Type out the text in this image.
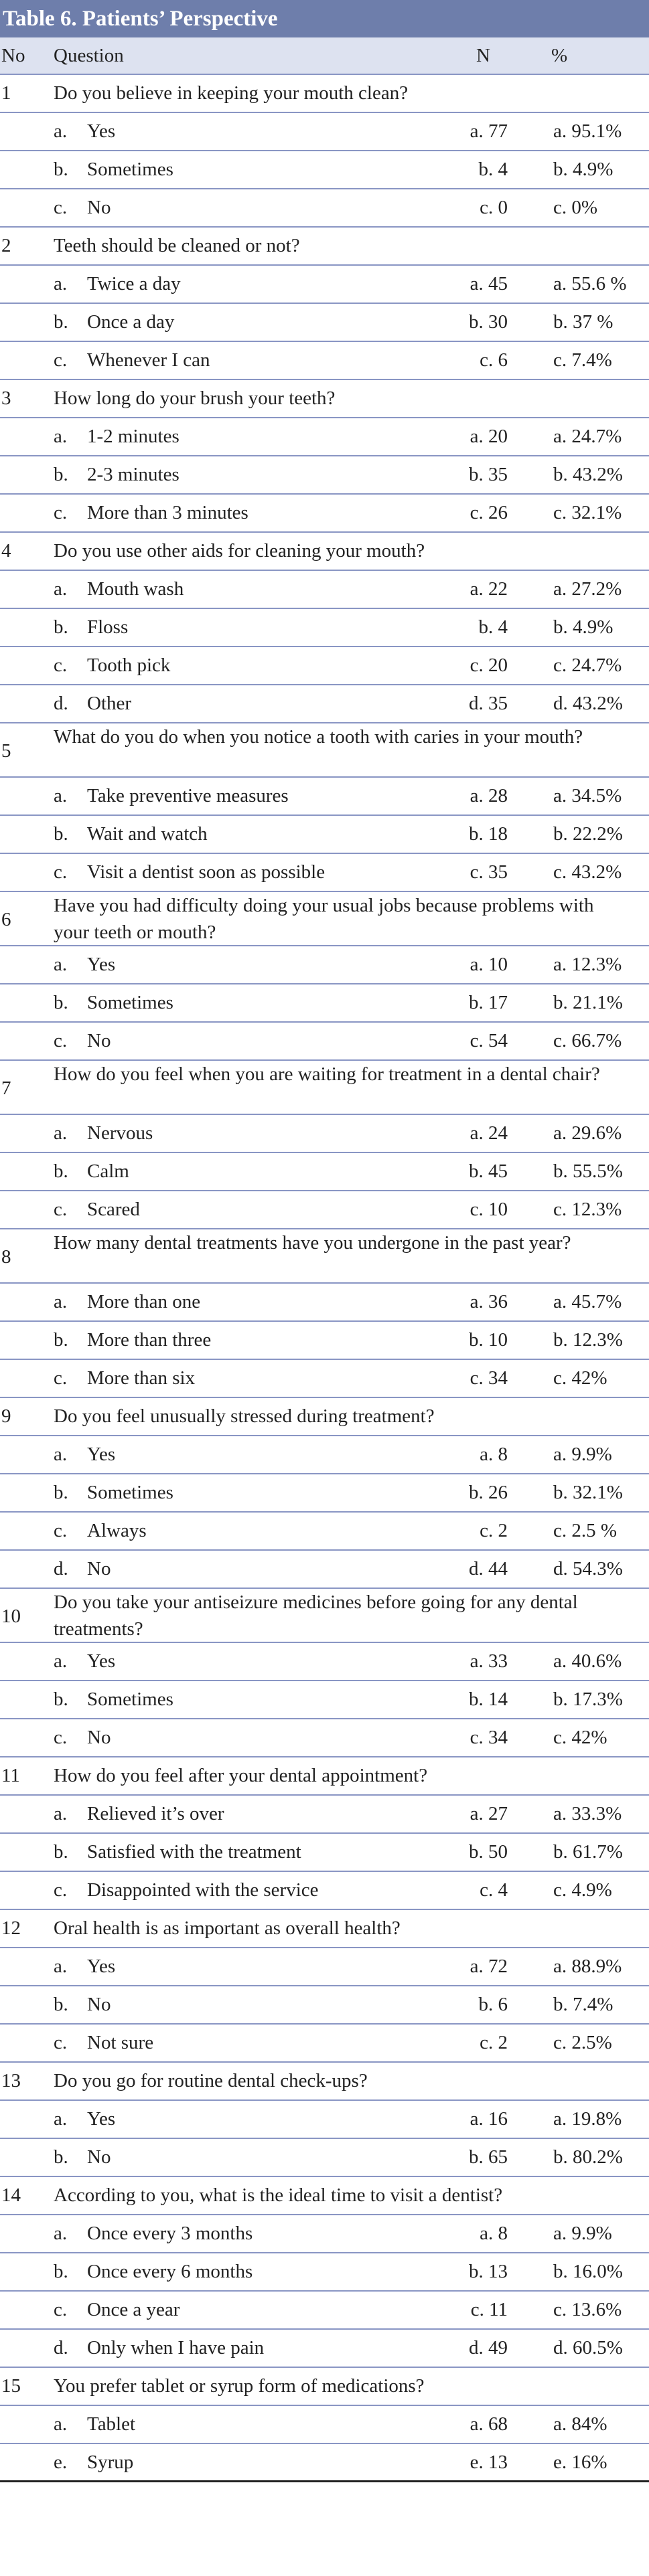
Table 6. Patients’ Perspective
No Question	N	%
1 Do you believe in keeping your mouth clean?
a. Yes	a. 77 a. 95.1%
b. Sometimes	b. 4 b. 4.9%
c. No	c. 0 c. 0%
2 Teeth should be cleaned or not?
a. Twice a day	a. 45 a. 55.6 %
b. Once a day	b. 30 b. 37 %
c. Whenever I can	c. 6 c. 7.4%
3 How long do your brush your teeth?
a. 1-2 minutes	a. 20 a. 24.7%
b. 2-3 minutes	b. 35 b. 43.2%
c. More than 3 minutes	c. 26 c. 32.1%
4 Do you use other aids for cleaning your mouth?
a. Mouth wash	a. 22 a. 27.2%
b. Floss	b. 4 b. 4.9%
c. Tooth pick	c. 20 c. 24.7%
d. Other	d. 35 d. 43.2%
5
What do you do when you notice a tooth with caries in your mouth?
a. Take preventive measures	a. 28 a. 34.5%
b. Wait and watch	b. 18 b. 22.2%
c. Visit a dentist soon as possible	c. 35 c. 43.2%
6
Have you had difficulty doing your usual jobs because problems with your teeth or mouth?
a. Yes	a. 10 a. 12.3%
b. Sometimes	b. 17 b. 21.1%
c. No	c. 54 c. 66.7%
7
How do you feel when you are waiting for treatment in a dental chair?
a. Nervous	a. 24 a. 29.6%
b. Calm	b. 45 b. 55.5%
c. Scared	c. 10 c. 12.3%
8
How many dental treatments have you undergone in the past year?
a. More than one	a. 36 a. 45.7%
b. More than three	b. 10 b. 12.3%
c. More than six	c. 34 c. 42%
9 Do you feel unusually stressed during treatment?
a. Yes	a. 8 a. 9.9%
b. Sometimes	b. 26 b. 32.1%
c. Always	c. 2 c. 2.5 %
d. No	d. 44 d. 54.3%
10
Do you take your antiseizure medicines before going for any dental treatments?
a. Yes	a. 33 a. 40.6%
b. Sometimes	b. 14 b. 17.3%
c. No	c. 34 c. 42%
11 How do you feel after your dental appointment?
a. Relieved it’s over	a. 27 a. 33.3%
b. Satisfied with the treatment	b. 50 b. 61.7%
c. Disappointed with the service	c. 4 c. 4.9%
12 Oral health is as important as overall health?
a. Yes	a. 72 a. 88.9%
b. No	b. 6 b. 7.4%
c. Not sure	c. 2 c. 2.5%
13 Do you go for routine dental check-ups?
a. Yes	a. 16 a. 19.8%
b. No	b. 65 b. 80.2%
14 According to you, what is the ideal time to visit a dentist?
a. Once every 3 months	a. 8 a. 9.9%
b. Once every 6 months	b. 13 b. 16.0%
c. Once a year	c. 11 c. 13.6%
d. Only when I have pain	d. 49 d. 60.5%
15 You prefer tablet or syrup form of medications?
a. Tablet	a. 68 a. 84%
e. Syrup	e. 13 e. 16%
